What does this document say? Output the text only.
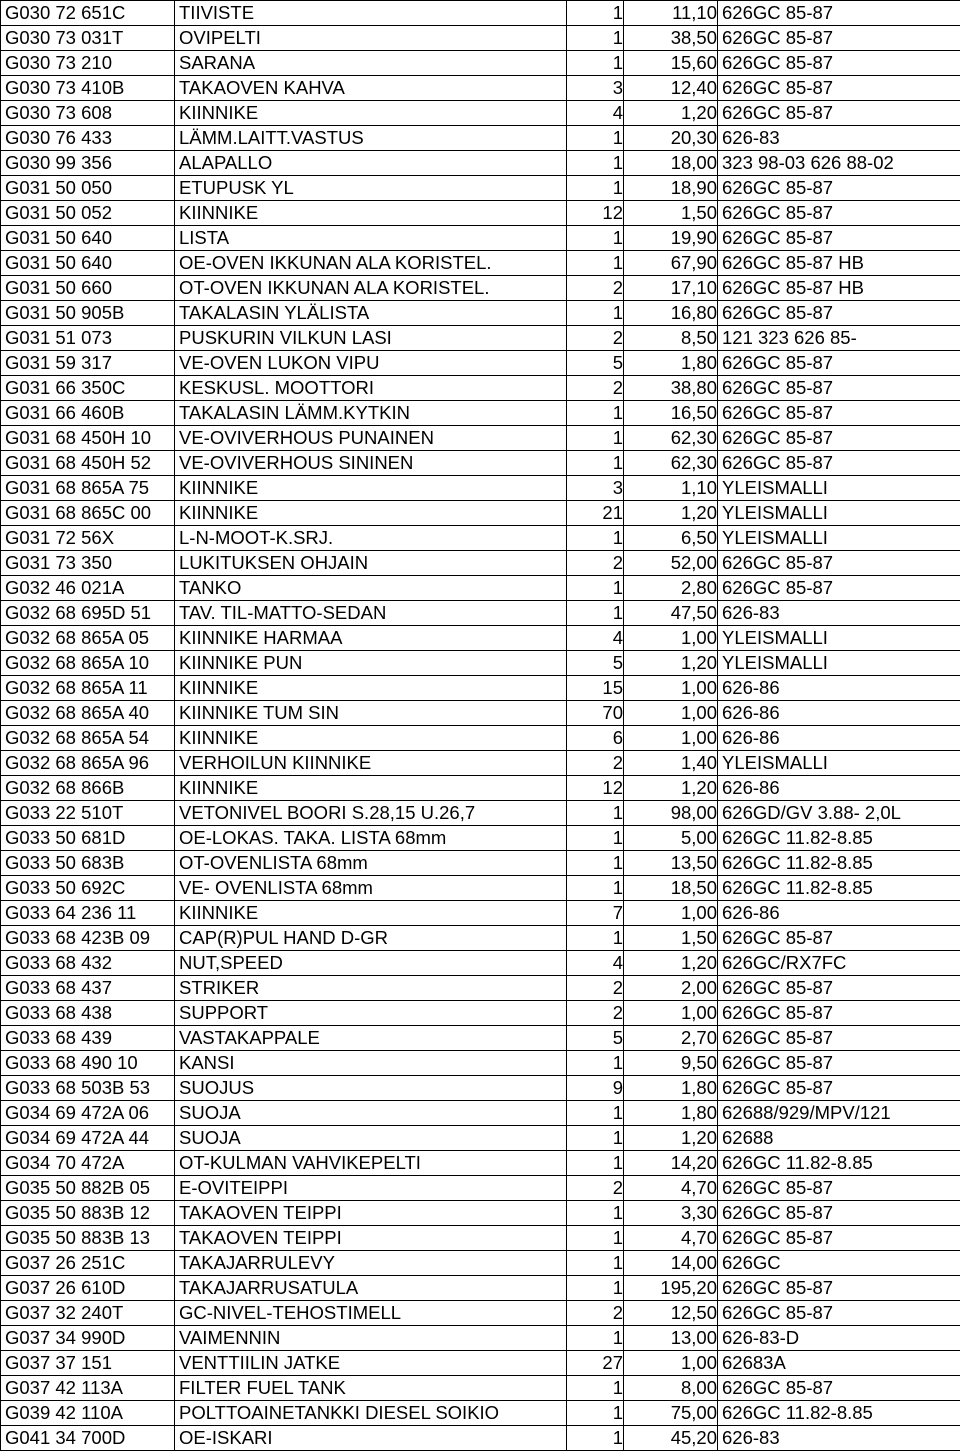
G030 72 651C	TIIVISTE	1	11,10	626GC 85-87
G030 73 031T	OVIPELTI	1	38,50	626GC 85-87
G030 73 210	SARANA	1	15,60	626GC 85-87
G030 73 410B	TAKAOVEN KAHVA	3	12,40	626GC 85-87
G030 73 608	KIINNIKE	4	1,20	626GC 85-87
G030 76 433	LÄMM.LAITT.VASTUS	1	20,30	626-83
G030 99 356	ALAPALLO	1	18,00	323 98-03 626 88-02
G031 50 050	ETUPUSK YL	1	18,90	626GC 85-87
G031 50 052	KIINNIKE	12	1,50	626GC 85-87
G031 50 640	LISTA	1	19,90	626GC 85-87
G031 50 640	OE-OVEN IKKUNAN ALA KORISTEL.	1	67,90	626GC 85-87 HB
G031 50 660	OT-OVEN IKKUNAN ALA KORISTEL.	2	17,10	626GC 85-87 HB
G031 50 905B	TAKALASIN YLÄLISTA	1	16,80	626GC 85-87
G031 51 073	PUSKURIN VILKUN LASI	2	8,50	121 323 626 85-
G031 59 317	VE-OVEN LUKON VIPU	5	1,80	626GC 85-87
G031 66 350C	KESKUSL. MOOTTORI	2	38,80	626GC 85-87
G031 66 460B	TAKALASIN LÄMM.KYTKIN	1	16,50	626GC 85-87
G031 68 450H 10	VE-OVIVERHOUS PUNAINEN	1	62,30	626GC 85-87
G031 68 450H 52	VE-OVIVERHOUS SININEN	1	62,30	626GC 85-87
G031 68 865A 75	KIINNIKE	3	1,10	YLEISMALLI
G031 68 865C 00	KIINNIKE	21	1,20	YLEISMALLI
G031 72 56X	L-N-MOOT-K.SRJ.	1	6,50	YLEISMALLI
G031 73 350	LUKITUKSEN OHJAIN	2	52,00	626GC 85-87
G032 46 021A	TANKO	1	2,80	626GC 85-87
G032 68 695D 51	TAV. TIL-MATTO-SEDAN	1	47,50	626-83
G032 68 865A 05	KIINNIKE HARMAA	4	1,00	YLEISMALLI
G032 68 865A 10	KIINNIKE PUN	5	1,20	YLEISMALLI
G032 68 865A 11	KIINNIKE	15	1,00	626-86
G032 68 865A 40	KIINNIKE TUM SIN	70	1,00	626-86
G032 68 865A 54	KIINNIKE	6	1,00	626-86
G032 68 865A 96	VERHOILUN KIINNIKE	2	1,40	YLEISMALLI
G032 68 866B	KIINNIKE	12	1,20	626-86
G033 22 510T	VETONIVEL BOORI S.28,15 U.26,7	1	98,00	626GD/GV 3.88- 2,0L
G033 50 681D	OE-LOKAS. TAKA. LISTA 68mm	1	5,00	626GC 11.82-8.85
G033 50 683B	OT-OVENLISTA 68mm	1	13,50	626GC 11.82-8.85
G033 50 692C	VE- OVENLISTA 68mm	1	18,50	626GC 11.82-8.85
G033 64 236 11	KIINNIKE	7	1,00	626-86
G033 68 423B 09	CAP(R)PUL HAND D-GR	1	1,50	626GC 85-87
G033 68 432	NUT,SPEED	4	1,20	626GC/RX7FC
G033 68 437	STRIKER	2	2,00	626GC 85-87
G033 68 438	SUPPORT	2	1,00	626GC 85-87
G033 68 439	VASTAKAPPALE	5	2,70	626GC 85-87
G033 68 490 10	KANSI	1	9,50	626GC 85-87
G033 68 503B 53	SUOJUS	9	1,80	626GC 85-87
G034 69 472A 06	SUOJA	1	1,80	62688/929/MPV/121
G034 69 472A 44	SUOJA	1	1,20	62688
G034 70 472A	OT-KULMAN VAHVIKEPELTI	1	14,20	626GC 11.82-8.85
G035 50 882B 05	E-OVITEIPPI	2	4,70	626GC 85-87
G035 50 883B 12	TAKAOVEN TEIPPI	1	3,30	626GC 85-87
G035 50 883B 13	TAKAOVEN TEIPPI	1	4,70	626GC 85-87
G037 26 251C	TAKAJARRULEVY	1	14,00	626GC
G037 26 610D	TAKAJARRUSATULA	1	195,20	626GC 85-87
G037 32 240T	GC-NIVEL-TEHOSTIMELL	2	12,50	626GC 85-87
G037 34 990D	VAIMENNIN	1	13,00	626-83-D
G037 37 151	VENTTIILIN JATKE	27	1,00	62683A
G037 42 113A	FILTER FUEL TANK	1	8,00	626GC 85-87
G039 42 110A	POLTTOAINETANKKI DIESEL SOIKIO	1	75,00	626GC 11.82-8.85
G041 34 700D	OE-ISKARI	1	45,20	626-83
